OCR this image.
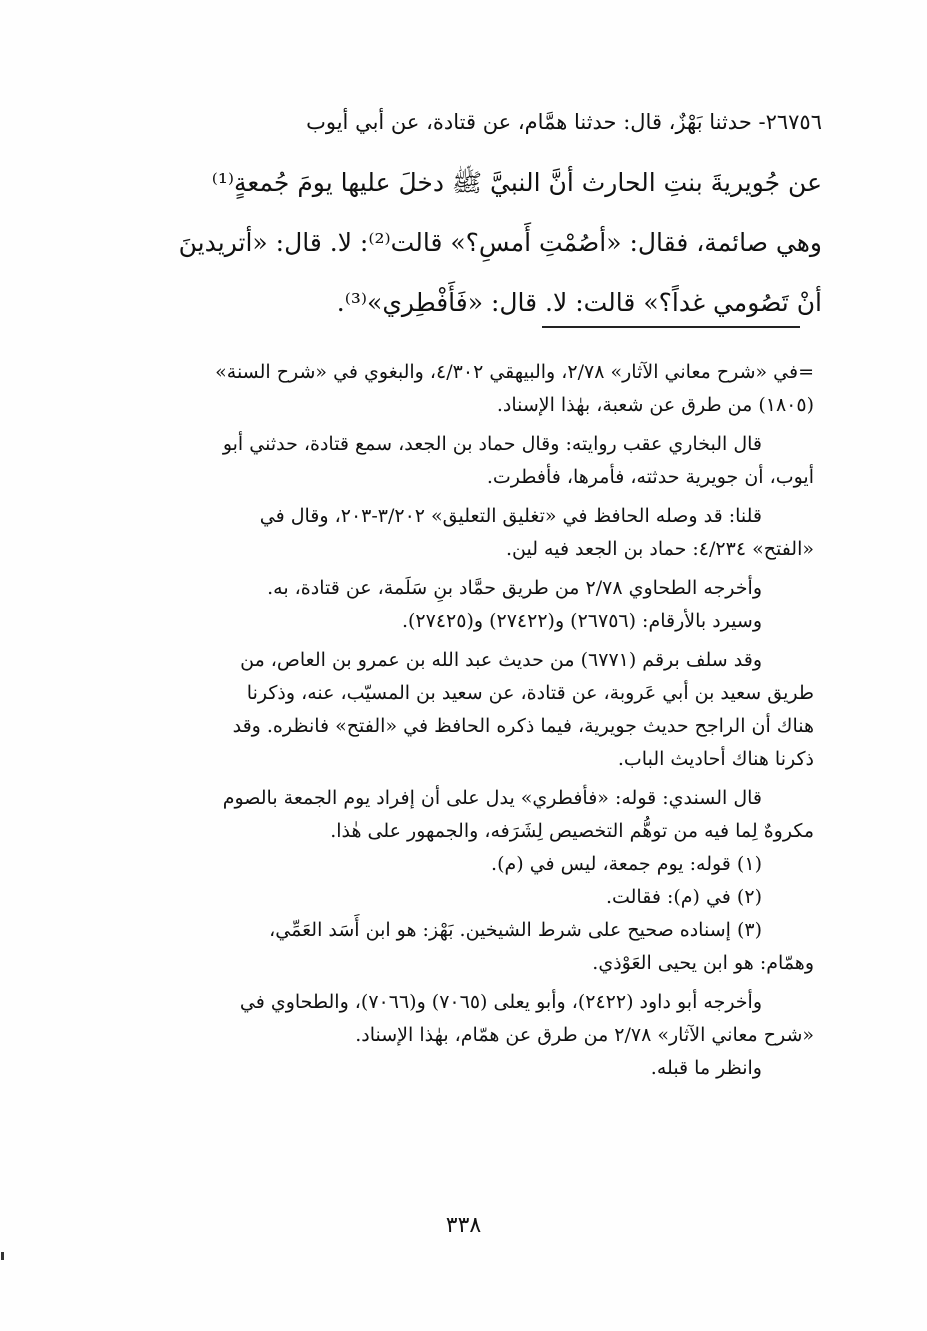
٢٦٧٥٦- حدثنا بَهْزٌ، قال: حدثنا همَّام، عن قتادة، عن أبي أيوب
عن جُويريةَ بنتِ الحارث أنَّ النبيَّ ﷺ دخلَ عليها يومَ جُمعةٍ⁽¹⁾
وهي صائمة، فقال: «أصُمْتِ أَمسِ؟» قالت⁽²⁾: لا. قال: «أتريدينَ
أنْ تَصُومي غداً؟» قالت: لا. قال: «فَأَفْطِري»⁽³⁾.
=في «شرح معاني الآثار» ٢/٧٨، والبيهقي ٤/٣٠٢، والبغوي في «شرح السنة»
(١٨٠٥) من طرق عن شعبة، بهٰذا الإسناد.
قال البخاري عقب روايته: وقال حماد بن الجعد، سمع قتادة، حدثني أبو
أيوب، أن جويرية حدثته، فأمرها، فأفطرت.
قلنا: قد وصله الحافظ في «تغليق التعليق» ٣/٢٠٢-٢٠٣، وقال في
«الفتح» ٤/٢٣٤: حماد بن الجعد فيه لين.
وأخرجه الطحاوي ٢/٧٨ من طريق حمَّاد بنِ سَلَمة، عن قتادة، به.
وسيرد بالأرقام: (٢٦٧٥٦) و(٢٧٤٢٢) و(٢٧٤٢٥).
وقد سلف برقم (٦٧٧١) من حديث عبد الله بن عمرو بن العاص، من
طريق سعيد بن أبي عَروبة، عن قتادة، عن سعيد بن المسيّب، عنه، وذكرنا
هناك أن الراجح حديث جويرية، فيما ذكره الحافظ في «الفتح» فانظره. وقد
ذكرنا هناك أحاديث الباب.
قال السندي: قوله: «فأفطري» يدل على أن إفراد يوم الجمعة بالصوم
مكروهٌ لِما فيه من توهُّم التخصيص لِشَرَفه، والجمهور على هٰذا.
(١) قوله: يوم جمعة، ليس في (م).
(٢) في (م): فقالت.
(٣) إسناده صحيح على شرط الشيخين. بَهْز: هو ابن أَسَد العَمِّي،
وهمّام: هو ابن يحيى العَوْذي.
وأخرجه أبو داود (٢٤٢٢)، وأبو يعلى (٧٠٦٥) و(٧٠٦٦)، والطحاوي في
«شرح معاني الآثار» ٢/٧٨ من طرق عن همّام، بهٰذا الإسناد.
وانظر ما قبله.
٣٣٨
